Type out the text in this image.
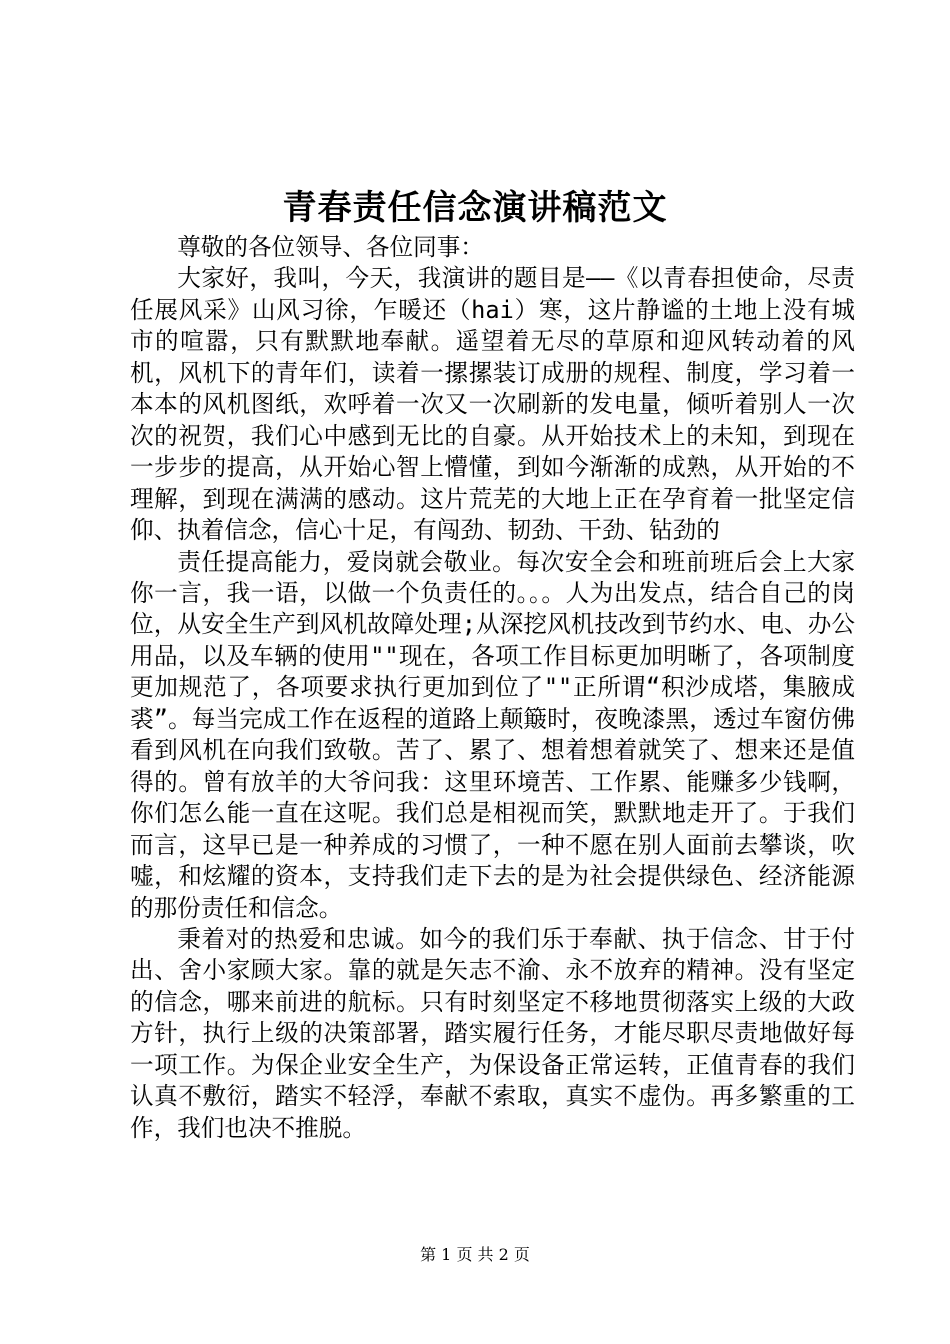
青春责任信念演讲稿范文

尊敬的各位领导、各位同事：

大家好，我叫，今天，我演讲的题目是——《以青春担使命，尽责任展风采》山风习徐，乍暖还（hai）寒，这片静谧的土地上没有城市的喧嚣，只有默默地奉献。遥望着无尽的草原和迎风转动着的风机，风机下的青年们，读着一摞摞装订成册的规程、制度，学习着一本本的风机图纸，欢呼着一次又一次刷新的发电量，倾听着别人一次次的祝贺，我们心中感到无比的自豪。从开始技术上的未知，到现在一步步的提高，从开始心智上懵懂，到如今渐渐的成熟，从开始的不理解，到现在满满的感动。这片荒芜的大地上正在孕育着一批坚定信仰、执着信念，信心十足，有闯劲、韧劲、干劲、钻劲的

责任提高能力，爱岗就会敬业。每次安全会和班前班后会上大家你一言，我一语，以做一个负责任的。。。人为出发点，结合自己的岗位，从安全生产到风机故障处理;从深挖风机技改到节约水、电、办公用品，以及车辆的使用""现在，各项工作目标更加明晰了，各项制度更加规范了，各项要求执行更加到位了""正所谓“积沙成塔，集腋成裘”。每当完成工作在返程的道路上颠簸时，夜晚漆黑，透过车窗仿佛看到风机在向我们致敬。苦了、累了、想着想着就笑了、想来还是值得的。曾有放羊的大爷问我：这里环境苦、工作累、能赚多少钱啊，你们怎么能一直在这呢。我们总是相视而笑，默默地走开了。于我们而言，这早已是一种养成的习惯了，一种不愿在别人面前去攀谈，吹嘘，和炫耀的资本，支持我们走下去的是为社会提供绿色、经济能源的那份责任和信念。

秉着对的热爱和忠诚。如今的我们乐于奉献、执于信念、甘于付出、舍小家顾大家。靠的就是矢志不渝、永不放弃的精神。没有坚定的信念，哪来前进的航标。只有时刻坚定不移地贯彻落实上级的大政方针，执行上级的决策部署，踏实履行任务，才能尽职尽责地做好每一项工作。为保企业安全生产，为保设备正常运转，正值青春的我们认真不敷衍，踏实不轻浮，奉献不索取，真实不虚伪。再多繁重的工作，我们也决不推脱。

第 1 页 共 2 页
